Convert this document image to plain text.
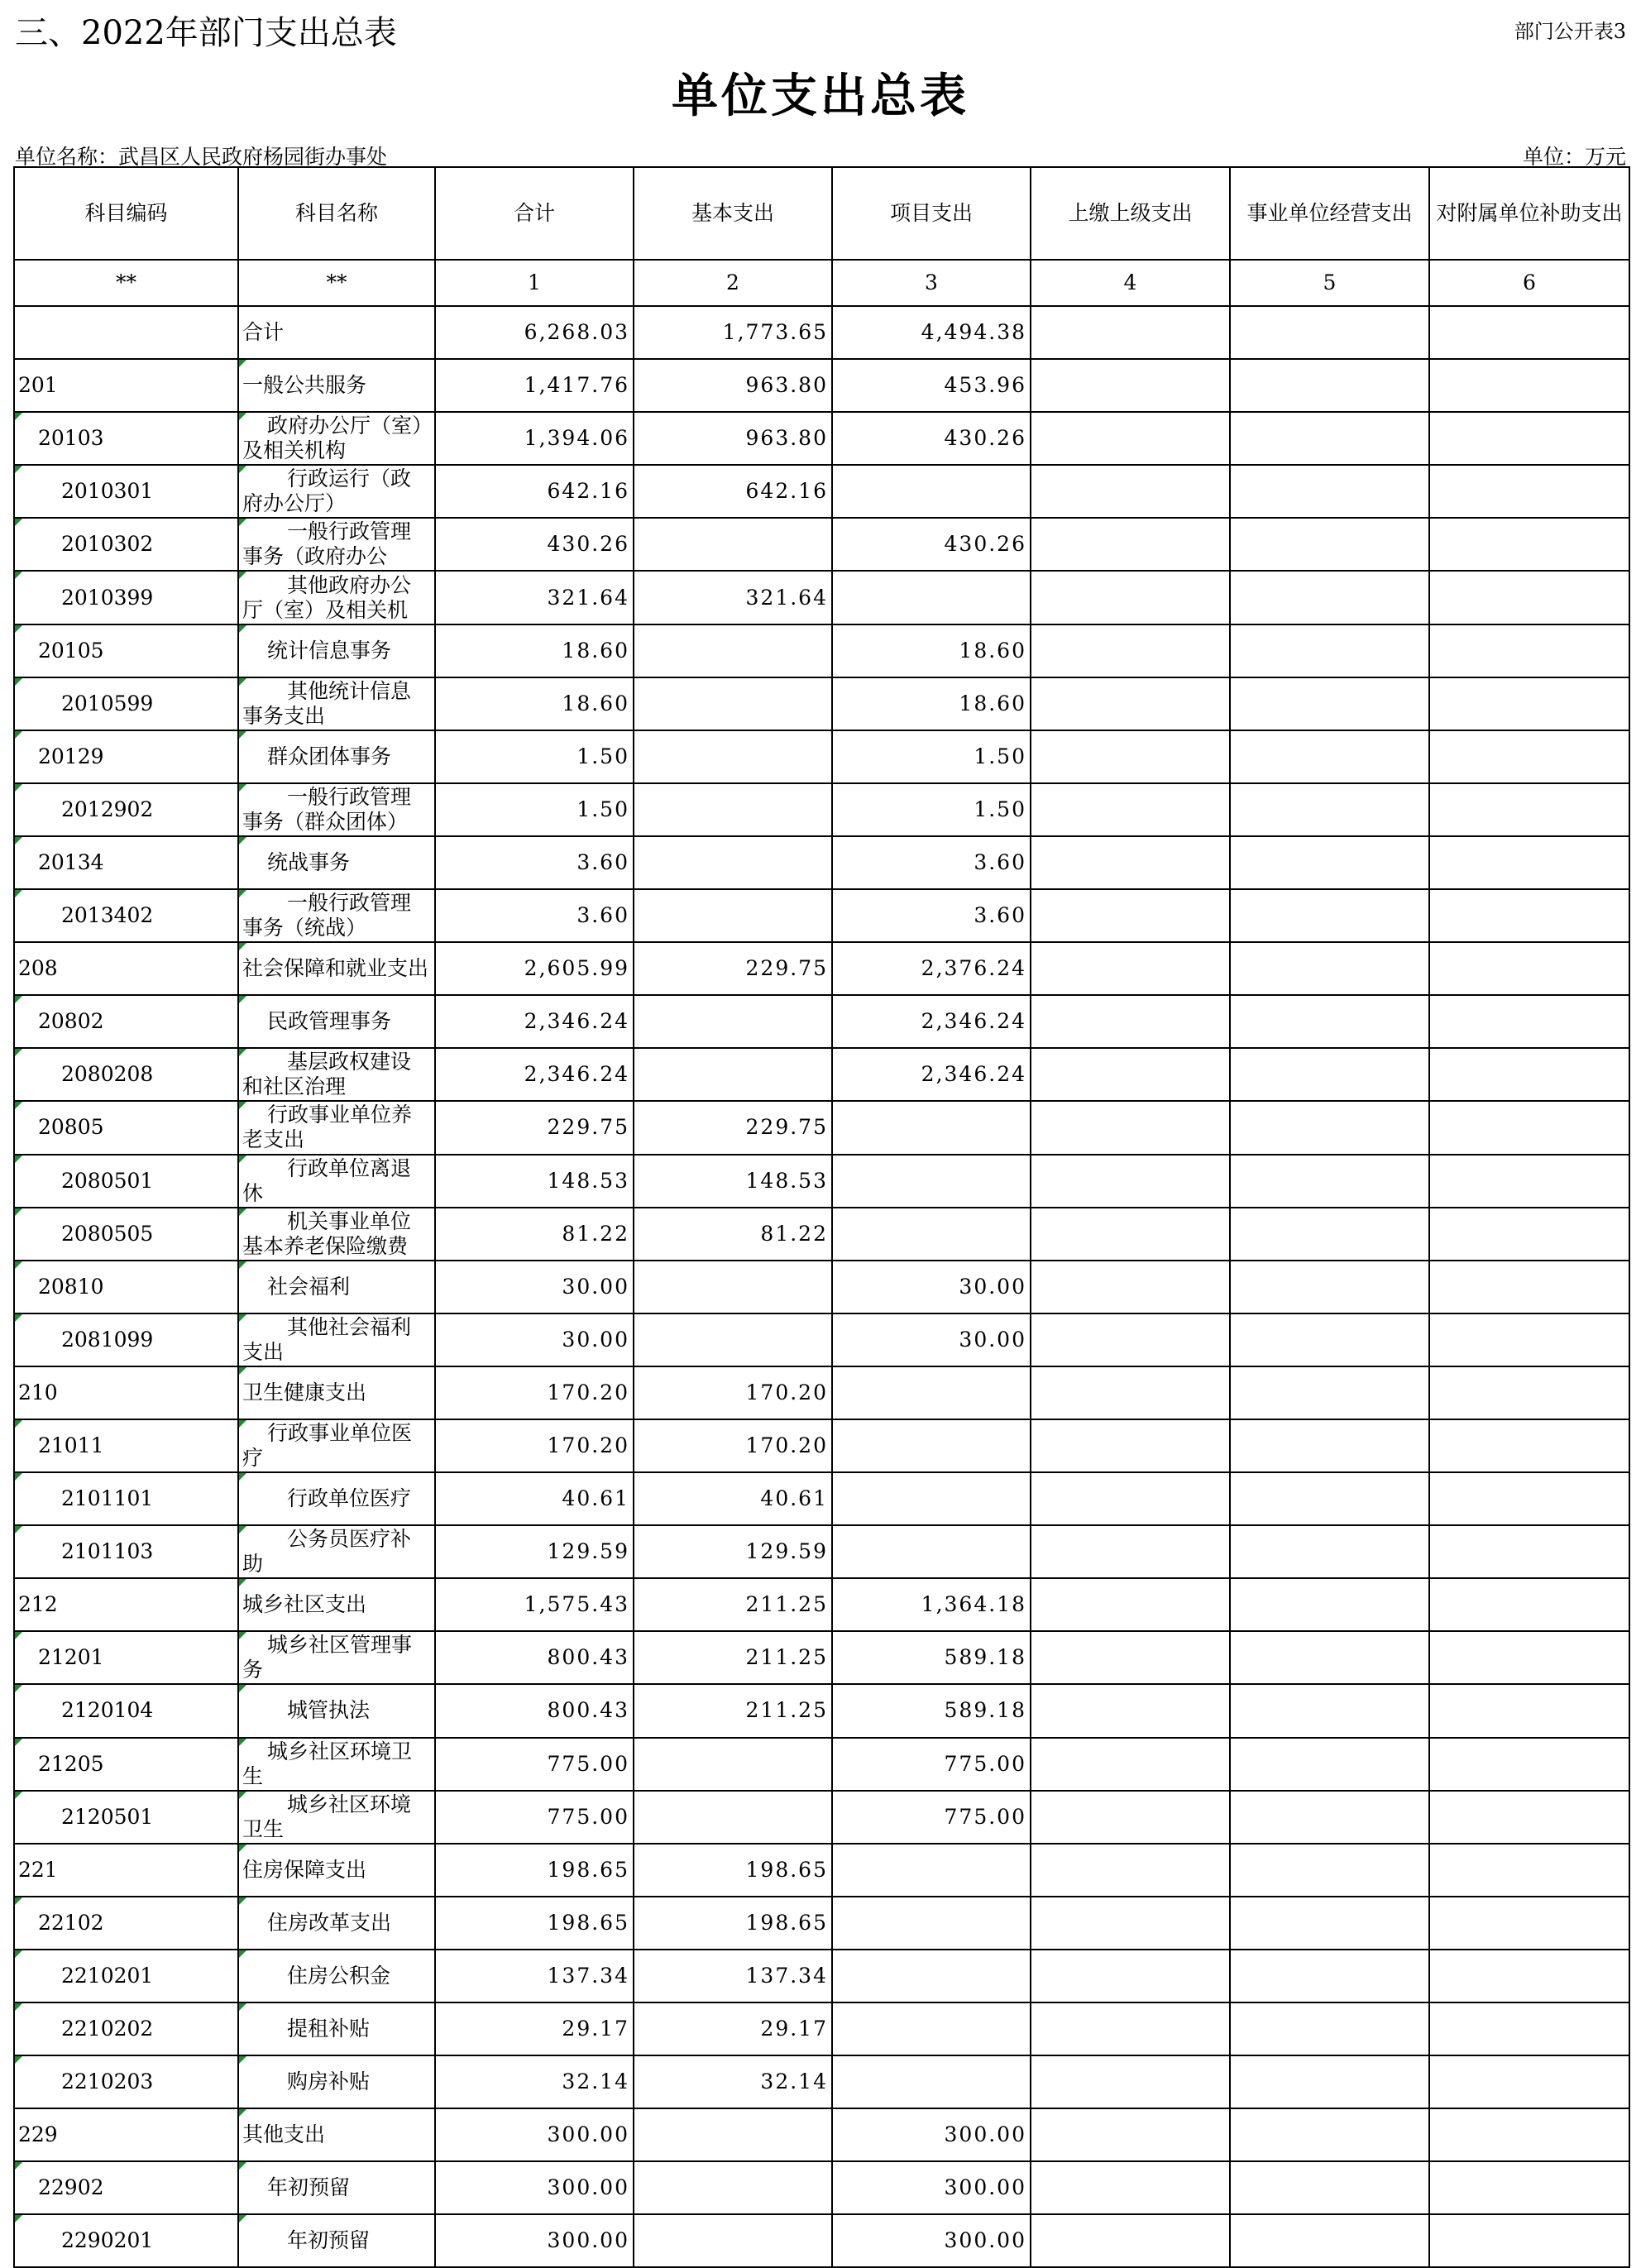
三、2022年部门支出总表	部门公开表3
单位支出总表
单位名称：武昌区人民政府杨园街办事处	单位：万元
科目编码	科目名称	合计	基本支出	项目支出	上缴上级支出	事业单位经营支出	对附属单位补助支出
**	**	1	2	3	4	5	6

	合计	6,268.03	1,773.65	4,494.38			
201	一般公共服务	1,417.76	963.80	453.96			

20103	政府办公厅（室）及相关机构	1,394.06	963.80	430.26			

2010301	行政运行（政府办公厅）	642.16	642.16				

2010302	一般行政管理事务（政府办公	430.26		430.26			

2010399	其他政府办公厅（室）及相关机	321.64	321.64				

20105	统计信息事务	18.60		18.60			

2010599	其他统计信息事务支出	18.60		18.60			

20129	群众团体事务	1.50		1.50			

2012902	一般行政管理事务（群众团体）	1.50		1.50			

20134	统战事务	3.60		3.60			

2013402	一般行政管理事务（统战）	3.60		3.60			
208	社会保障和就业支出	2,605.99	229.75	2,376.24			

20802	民政管理事务	2,346.24		2,346.24			

2080208	基层政权建设和社区治理	2,346.24		2,346.24			

20805	行政事业单位养老支出	229.75	229.75				

2080501	行政单位离退休	148.53	148.53				

2080505	机关事业单位基本养老保险缴费	81.22	81.22				

20810	社会福利	30.00		30.00			

2081099	其他社会福利支出	30.00		30.00			
210	卫生健康支出	170.20	170.20				

21011	行政事业单位医疗	170.20	170.20				

2101101	行政单位医疗	40.61	40.61				

2101103	公务员医疗补助	129.59	129.59				
212	城乡社区支出	1,575.43	211.25	1,364.18			

21201	城乡社区管理事务	800.43	211.25	589.18			

2120104	城管执法	800.43	211.25	589.18			

21205	城乡社区环境卫生	775.00		775.00			

2120501	城乡社区环境卫生	775.00		775.00			
221	住房保障支出	198.65	198.65				

22102	住房改革支出	198.65	198.65				

2210201	住房公积金	137.34	137.34				

2210202	提租补贴	29.17	29.17				

2210203	购房补贴	32.14	32.14				
229	其他支出	300.00		300.00			

22902	年初预留	300.00		300.00			

2290201	年初预留	300.00		300.00			
